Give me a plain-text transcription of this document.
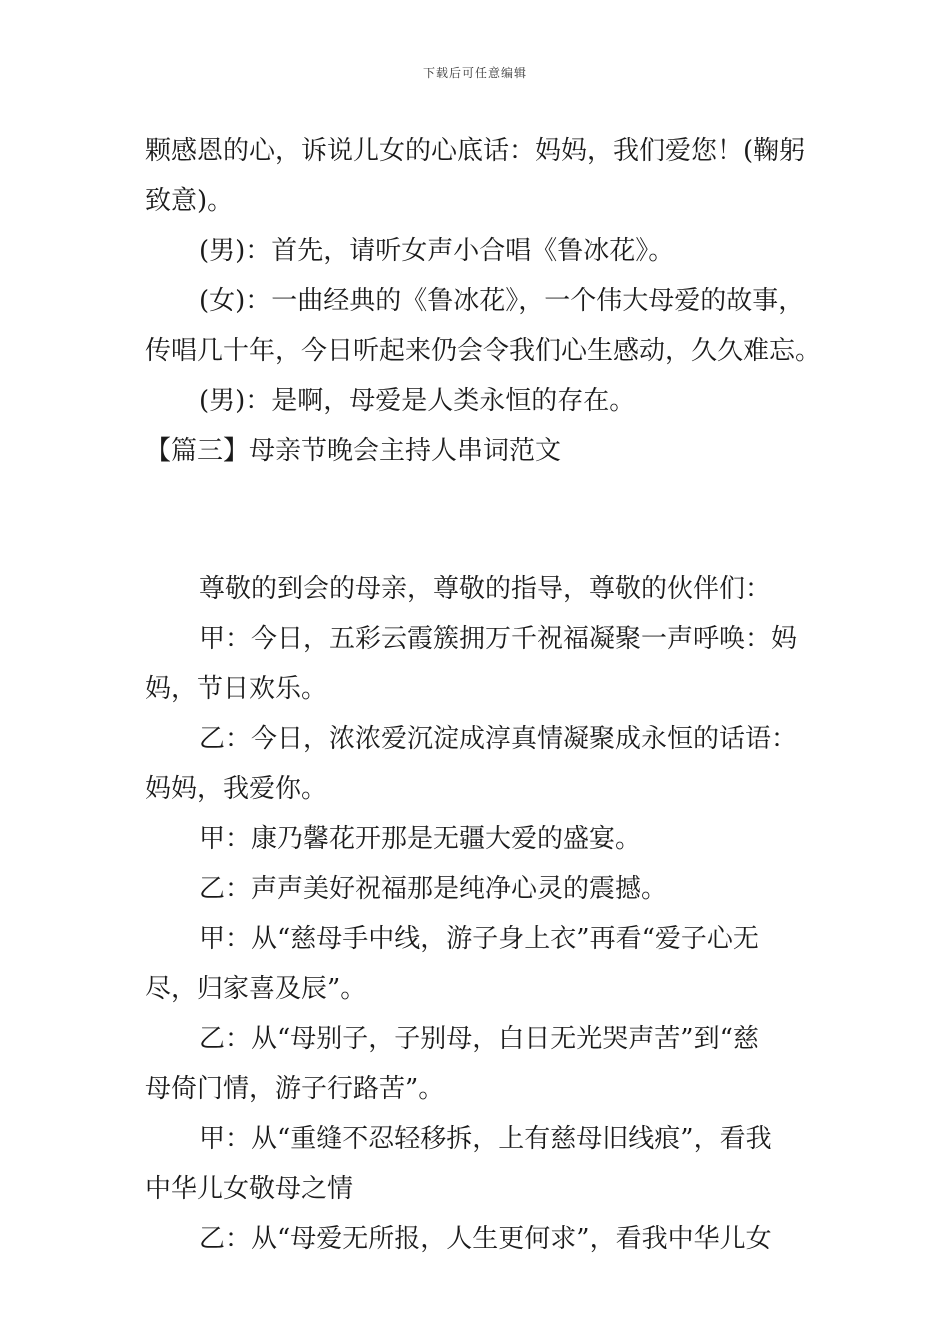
下载后可任意编辑
颗感恩的心，诉说儿女的心底话：妈妈，我们爱您！(鞠躬
致意)。
(男)：首先，请听女声小合唱《鲁冰花》。
(女)：一曲经典的《鲁冰花》，一个伟大母爱的故事，
传唱几十年，今日听起来仍会令我们心生感动，久久难忘。
(男)：是啊，母爱是人类永恒的存在。
【篇三】母亲节晚会主持人串词范文
尊敬的到会的母亲，尊敬的指导，尊敬的伙伴们：
甲：今日，五彩云霞簇拥万千祝福凝聚一声呼唤：妈
妈，节日欢乐。
乙：今日，浓浓爱沉淀成淳真情凝聚成永恒的话语：
妈妈，我爱你。
甲：康乃馨花开那是无疆大爱的盛宴。
乙：声声美好祝福那是纯净心灵的震撼。
甲：从“慈母手中线，游子身上衣”再看“爱子心无
尽，归家喜及辰”。
乙：从“母别子，子别母，白日无光哭声苦”到“慈
母倚门情，游子行路苦”。
甲：从“重缝不忍轻移拆，上有慈母旧线痕”，看我
中华儿女敬母之情
乙：从“母爱无所报，人生更何求”，看我中华儿女
